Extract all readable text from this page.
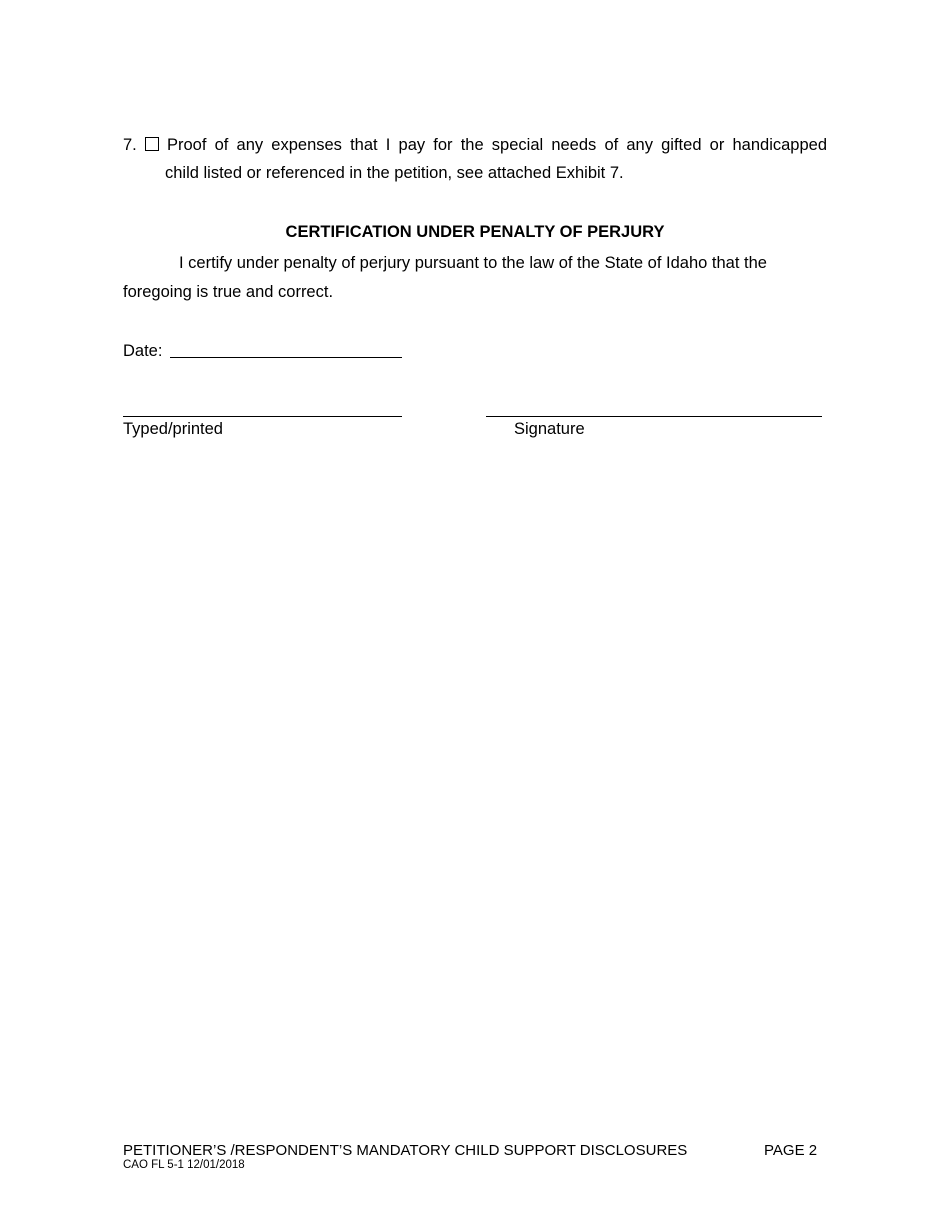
7. Proof of any expenses that I pay for the special needs of any gifted or handicapped
child listed or referenced in the petition, see attached Exhibit 7.
CERTIFICATION UNDER PENALTY OF PERJURY
I certify under penalty of perjury pursuant to the law of the State of Idaho that the
foregoing is true and correct.
Date:
Typed/printed	Signature
PETITIONER’S /RESPONDENT’S MANDATORY CHILD SUPPORT DISCLOSURES	PAGE 2
CAO FL 5-1 12/01/2018
